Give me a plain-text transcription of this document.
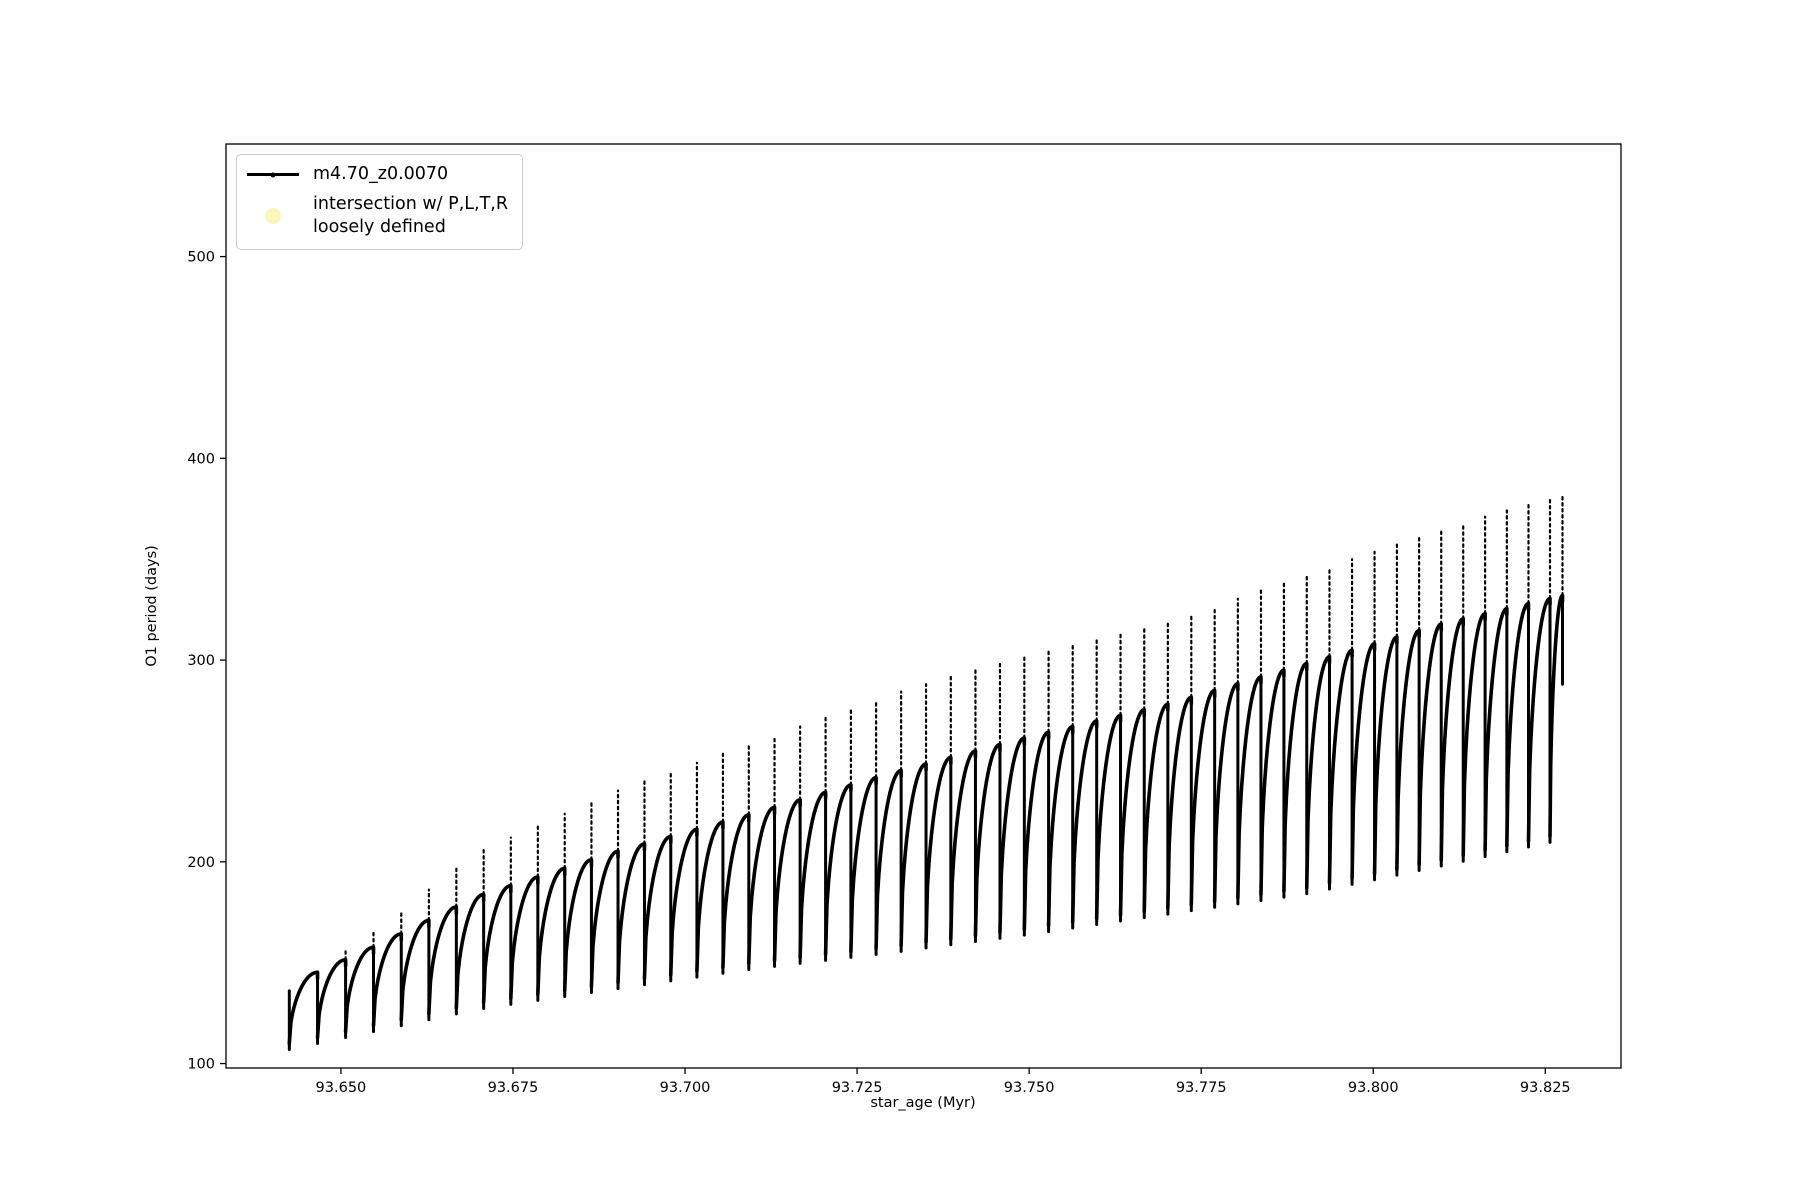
93.650	93.675	93.700	93.725	93.750	93.775	93.800	93.825
100
200
300
400
500
star_age (Myr)
O1 period (days)
m4.70_z0.0070
intersection w/ P,L,T,R
loosely defined
